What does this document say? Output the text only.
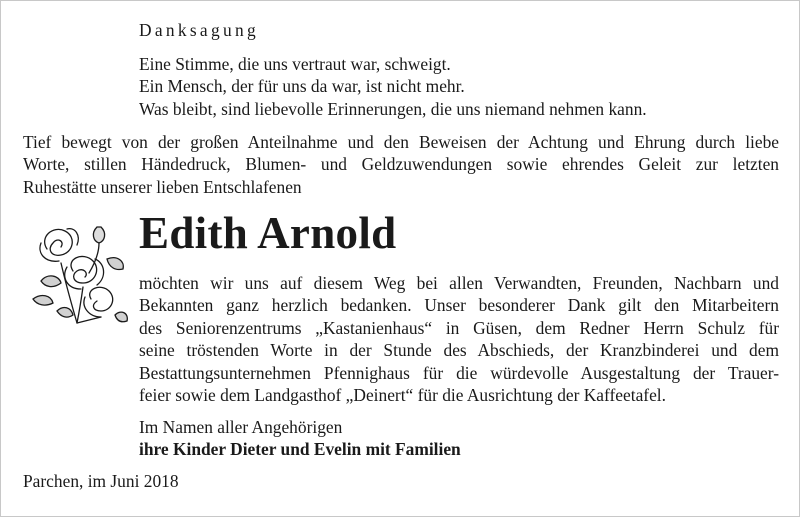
Danksagung
Eine Stimme, die uns vertraut war, schweigt.
Ein Mensch, der für uns da war, ist nicht mehr.
Was bleibt, sind liebevolle Erinnerungen, die uns niemand nehmen kann.
Tief bewegt von der großen Anteilnahme und den Beweisen der Achtung und Ehrung durch liebe
Worte, stillen Händedruck, Blumen- und Geldzuwendungen sowie ehrendes Geleit zur letzten
Ruhestätte unserer lieben Entschlafenen
Edith Arnold
möchten wir uns auf diesem Weg bei allen Verwandten, Freunden, Nachbarn und
Bekannten ganz herzlich bedanken. Unser besonderer Dank gilt den Mitarbeitern
des Seniorenzentrums „Kastanienhaus“ in Güsen, dem Redner Herrn Schulz für
seine tröstenden Worte in der Stunde des Abschieds, der Kranzbinderei und dem
Bestattungsunternehmen Pfennighaus für die würdevolle Ausgestaltung der Trauer-
feier sowie dem Landgasthof „Deinert“ für die Ausrichtung der Kaffeetafel.
Im Namen aller Angehörigen
ihre Kinder Dieter und Evelin mit Familien
Parchen, im Juni 2018
